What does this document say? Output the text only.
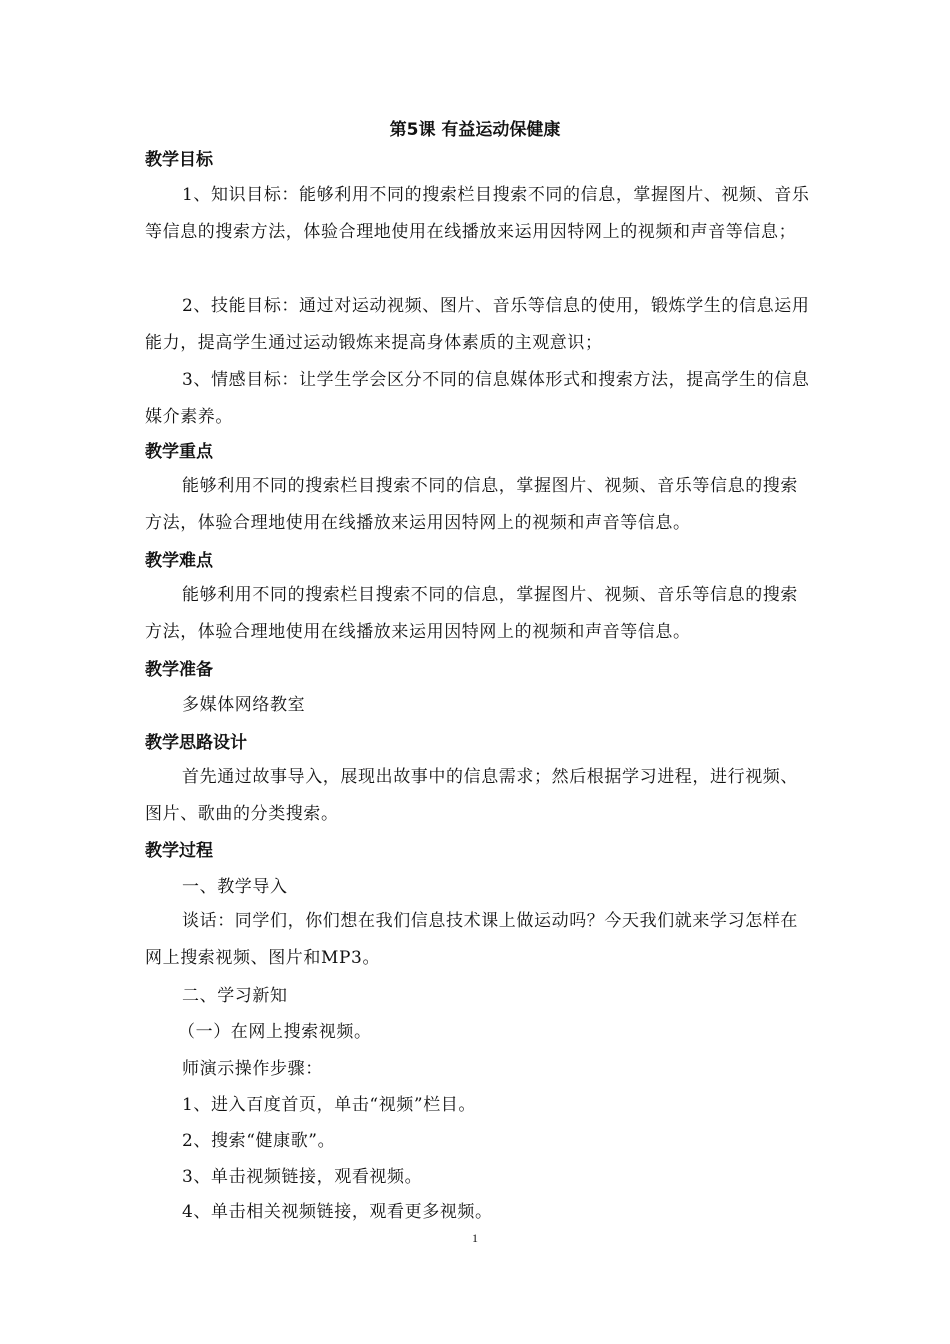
第5课 有益运动保健康
教学目标
1、知识目标：能够利用不同的搜索栏目搜索不同的信息，掌握图片、视频、音乐等信息的搜索方法，体验合理地使用在线播放来运用因特网上的视频和声音等信息；
2、技能目标：通过对运动视频、图片、音乐等信息的使用，锻炼学生的信息运用能力，提高学生通过运动锻炼来提高身体素质的主观意识；
3、情感目标：让学生学会区分不同的信息媒体形式和搜索方法，提高学生的信息媒介素养。
教学重点
能够利用不同的搜索栏目搜索不同的信息，掌握图片、视频、音乐等信息的搜索方法，体验合理地使用在线播放来运用因特网上的视频和声音等信息。
教学难点
能够利用不同的搜索栏目搜索不同的信息，掌握图片、视频、音乐等信息的搜索方法，体验合理地使用在线播放来运用因特网上的视频和声音等信息。
教学准备
多媒体网络教室
教学思路设计
首先通过故事导入，展现出故事中的信息需求；然后根据学习进程，进行视频、图片、歌曲的分类搜索。
教学过程
一、教学导入
谈话：同学们，你们想在我们信息技术课上做运动吗？今天我们就来学习怎样在网上搜索视频、图片和MP3。
二、学习新知
（一）在网上搜索视频。
师演示操作步骤：
1、进入百度首页，单击“视频”栏目。
2、搜索“健康歌”。
3、单击视频链接，观看视频。
4、单击相关视频链接，观看更多视频。
1
